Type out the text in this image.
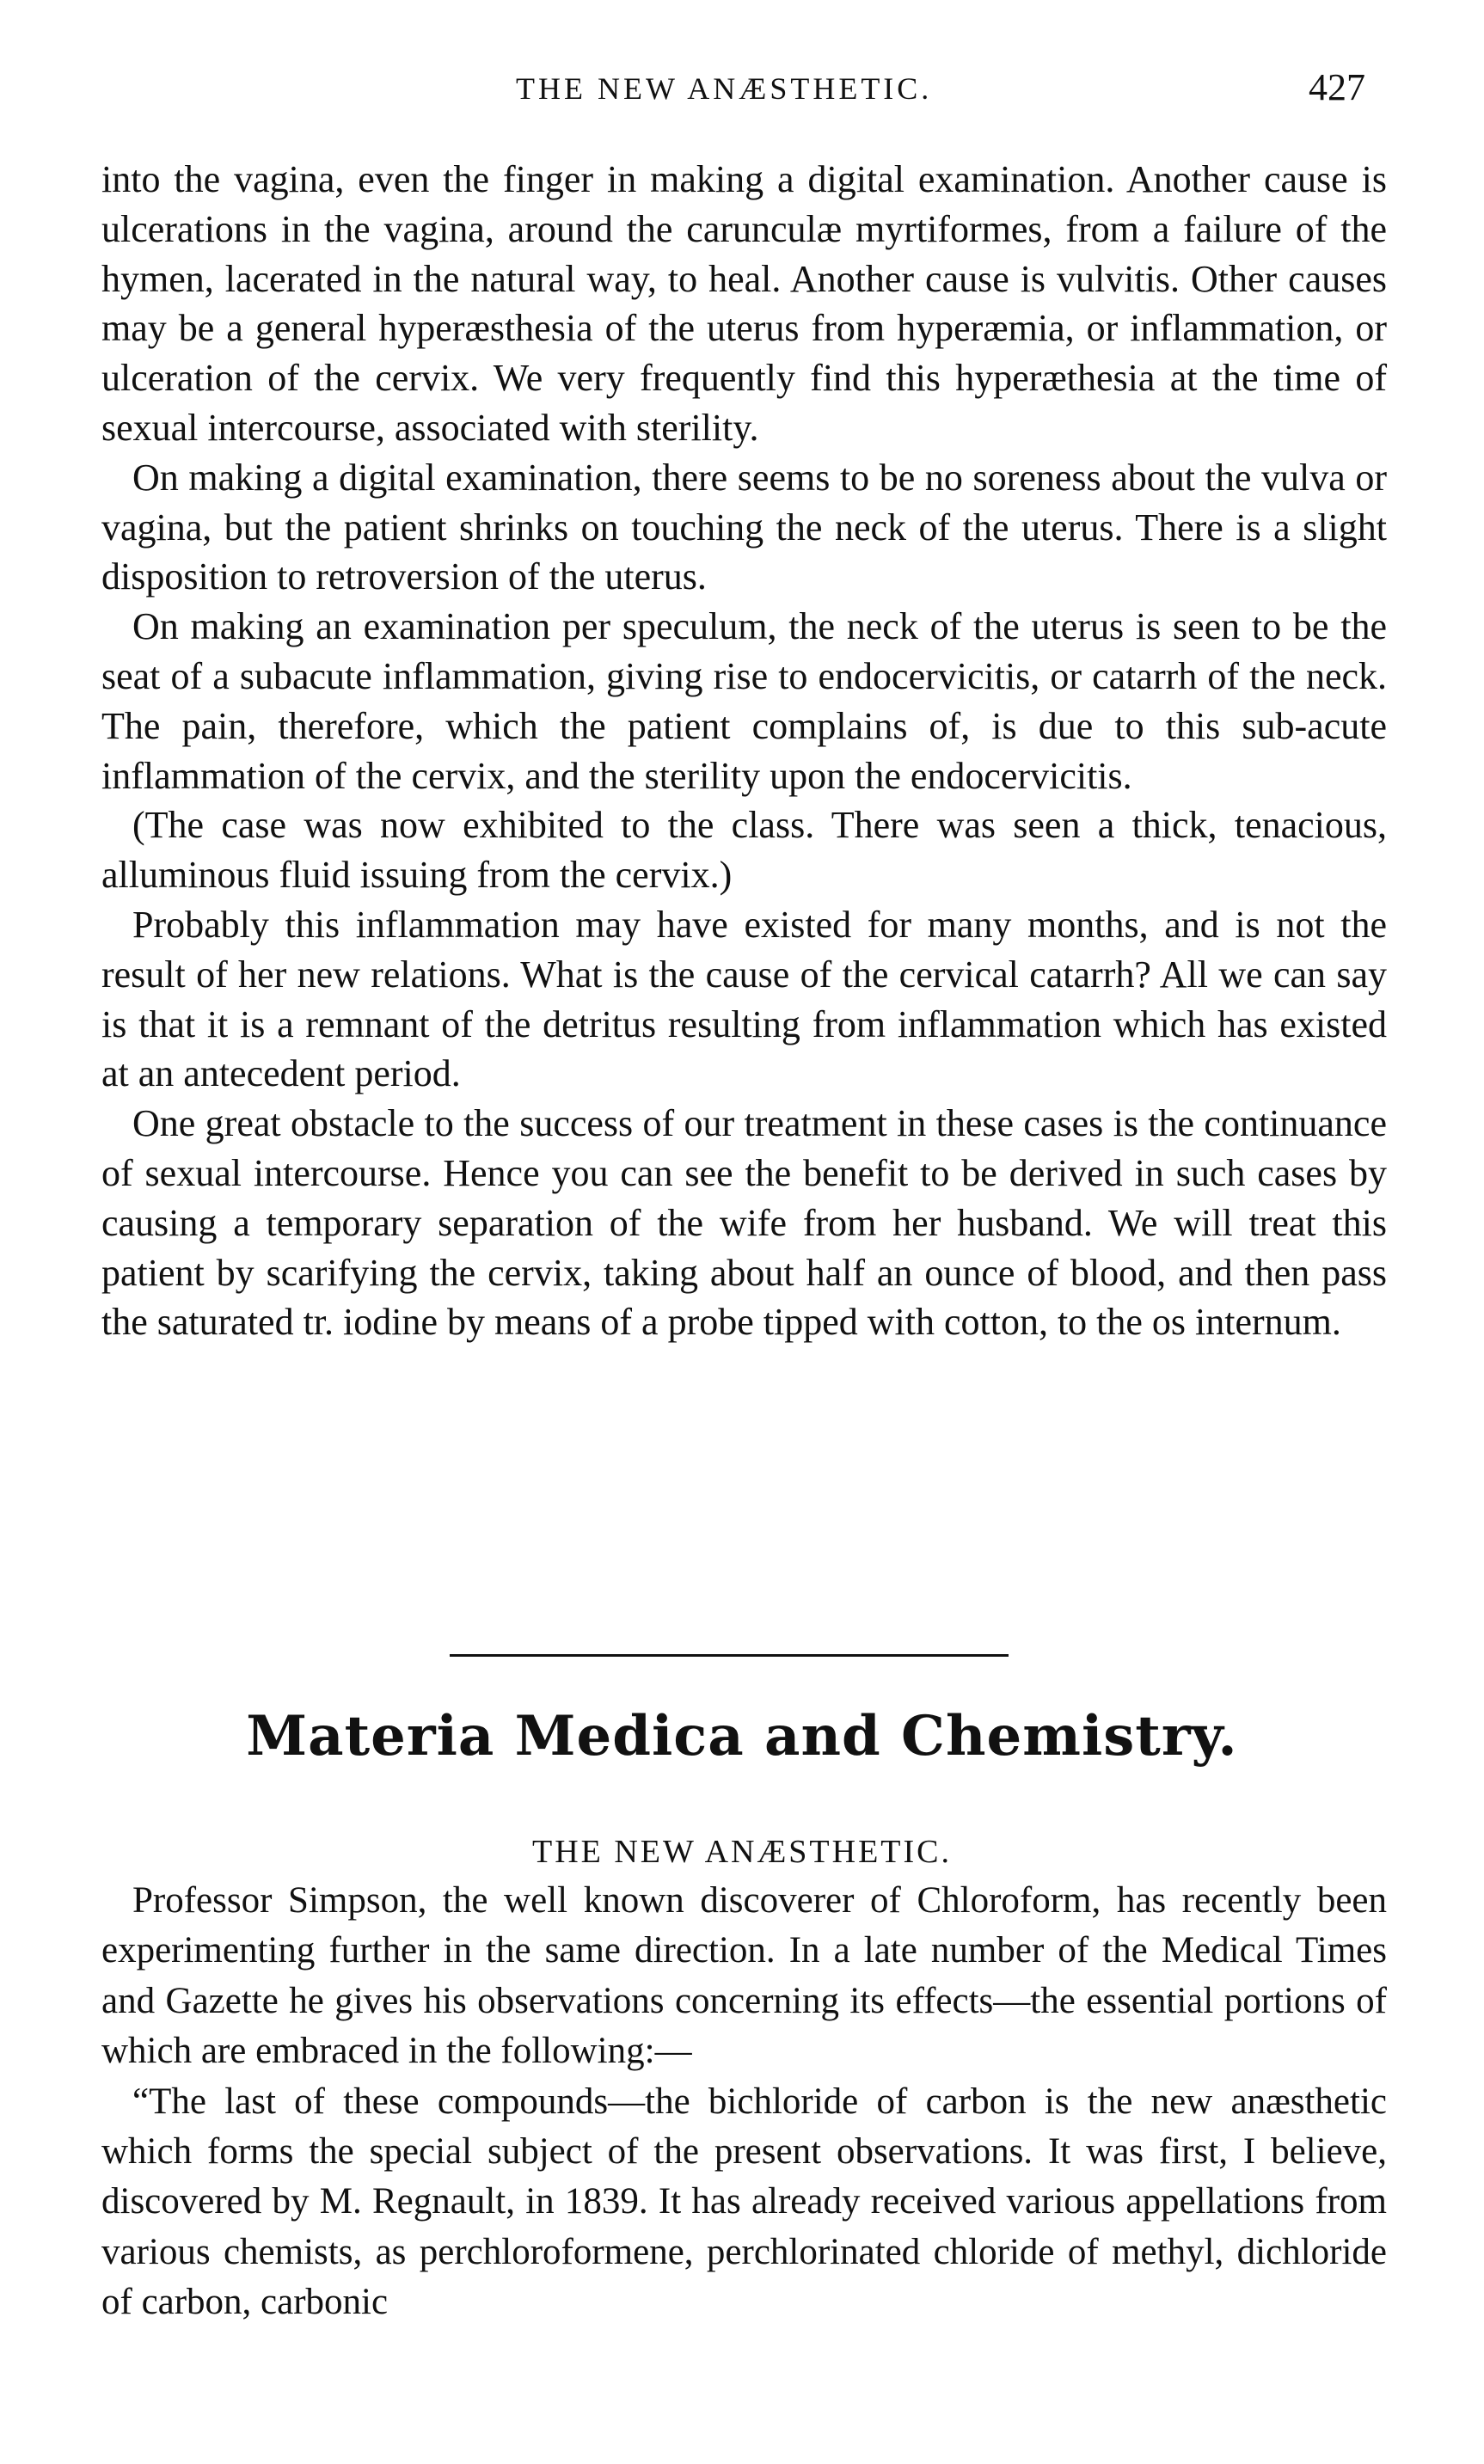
THE NEW ANÆSTHETIC.	427

into the vagina, even the finger in making a digital examination. Another cause is ulcerations in the vagina, around the carunculæ myrtiformes, from a failure of the hymen, lacerated in the natural way, to heal. Another cause is vulvitis. Other causes may be a general hyperæsthesia of the uterus from hyperæmia, or inflammation, or ulceration of the cervix. We very frequently find this hyperæthesia at the time of sexual intercourse, associated with sterility.

On making a digital examination, there seems to be no soreness about the vulva or vagina, but the patient shrinks on touching the neck of the uterus. There is a slight disposition to retroversion of the uterus.

On making an examination per speculum, the neck of the uterus is seen to be the seat of a subacute inflammation, giving rise to endocervicitis, or catarrh of the neck. The pain, therefore, which the patient complains of, is due to this sub-acute inflammation of the cervix, and the sterility upon the endocervicitis.

(The case was now exhibited to the class. There was seen a thick, tenacious, alluminous fluid issuing from the cervix.)

Probably this inflammation may have existed for many months, and is not the result of her new relations. What is the cause of the cervical catarrh? All we can say is that it is a remnant of the detritus resulting from inflammation which has existed at an antecedent period.

One great obstacle to the success of our treatment in these cases is the continuance of sexual intercourse. Hence you can see the benefit to be derived in such cases by causing a temporary separation of the wife from her husband. We will treat this patient by scarifying the cervix, taking about half an ounce of blood, and then pass the saturated tr. iodine by means of a probe tipped with cotton, to the os internum.

Materia Medica and Chemistry.
THE NEW ANÆSTHETIC.

Professor Simpson, the well known discoverer of Chloroform, has recently been experimenting further in the same direction. In a late number of the Medical Times and Gazette he gives his observations concerning its effects—the essential portions of which are embraced in the following:—

“The last of these compounds—the bichloride of carbon is the new anæsthetic which forms the special subject of the present observations. It was first, I believe, discovered by M. Regnault, in 1839. It has already received various appellations from various chemists, as perchloroformene, perchlorinated chloride of methyl, dichloride of carbon, carbonic
